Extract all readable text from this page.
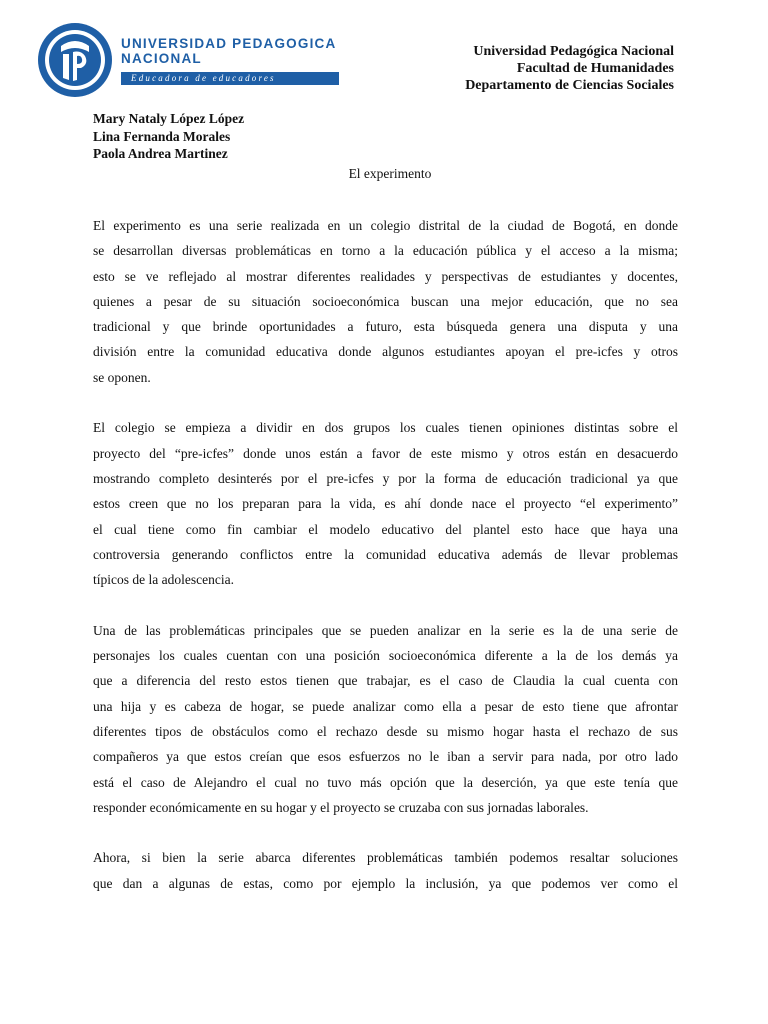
UNIVERSIDAD PEDAGOGICA
NACIONAL
Educadora de educadores
Universidad Pedagógica Nacional
Facultad de Humanidades
Departamento de Ciencias Sociales
Mary Nataly López López
Lina Fernanda Morales
Paola Andrea Martinez
El experimento

El experimento es una serie realizada en un colegio distrital de la ciudad de Bogotá, en donde
se desarrollan diversas problemáticas en torno a la educación pública y el acceso a la misma;
esto se ve reflejado al mostrar diferentes realidades y perspectivas de estudiantes y docentes,
quienes a pesar de su situación socioeconómica buscan una mejor educación, que no sea
tradicional y que brinde oportunidades a futuro, esta búsqueda genera una disputa y una
división entre la comunidad educativa donde algunos estudiantes apoyan el pre-icfes y otros
se oponen.

El colegio se empieza a dividir en dos grupos los cuales tienen opiniones distintas sobre el
proyecto del “pre-icfes” donde unos están a favor de este mismo y otros están en desacuerdo
mostrando completo desinterés por el pre-icfes y por la forma de educación tradicional ya que
estos creen que no los preparan para la vida, es ahí donde nace el proyecto “el experimento”
el cual tiene como fin cambiar el modelo educativo del plantel esto hace que haya una
controversia generando conflictos entre la comunidad educativa además de llevar problemas
típicos de la adolescencia.

Una de las problemáticas principales que se pueden analizar en la serie es la de una serie de
personajes los cuales cuentan con una posición socioeconómica diferente a la de los demás ya
que a diferencia del resto estos tienen que trabajar, es el caso de Claudia la cual cuenta con
una hija y es cabeza de hogar, se puede analizar como ella a pesar de esto tiene que afrontar
diferentes tipos de obstáculos como el rechazo desde su mismo hogar hasta el rechazo de sus
compañeros ya que estos creían que esos esfuerzos no le iban a servir para nada, por otro lado
está el caso de Alejandro el cual no tuvo más opción que la deserción, ya que este tenía que
responder económicamente en su hogar y el proyecto se cruzaba con sus jornadas laborales.

Ahora, si bien la serie abarca diferentes problemáticas también podemos resaltar soluciones
que dan a algunas de estas, como por ejemplo la inclusión, ya que podemos ver como el
